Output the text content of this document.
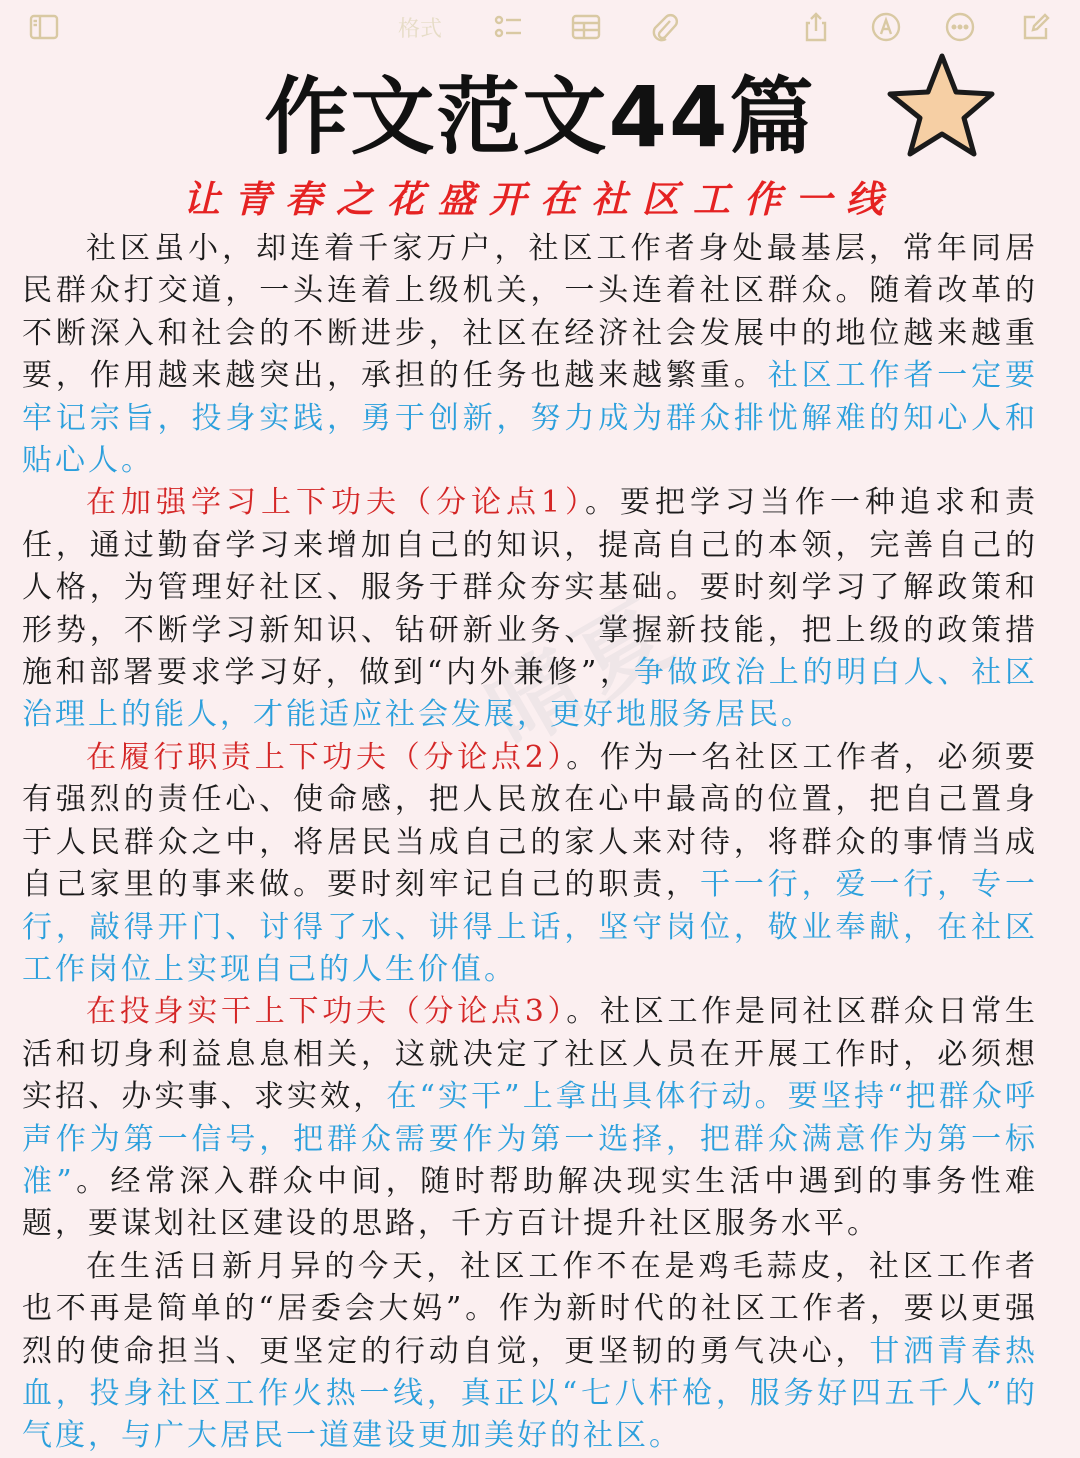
格式
作文范文44篇
让青春之花盛开在社区工作一线
晴夏

社区虽小，却连着千家万户，社区工作者身处最基层，常年同居民群众打交道，一头连着上级机关，一头连着社区群众。随着改革的不断深入和社会的不断进步，社区在经济社会发展中的地位越来越重要，作用越来越突出，承担的任务也越来越繁重。社区工作者一定要牢记宗旨，投身实践，勇于创新，努力成为群众排忧解难的知心人和贴心人。

在加强学习上下功夫（分论点1）。要把学习当作一种追求和责任，通过勤奋学习来增加自己的知识，提高自己的本领，完善自己的人格，为管理好社区、服务于群众夯实基础。要时刻学习了解政策和形势，不断学习新知识、钻研新业务、掌握新技能，把上级的政策措施和部署要求学习好，做到“内外兼修”，争做政治上的明白人、社区治理上的能人，才能适应社会发展，更好地服务居民。

在履行职责上下功夫（分论点2）。作为一名社区工作者，必须要有强烈的责任心、使命感，把人民放在心中最高的位置，把自己置身于人民群众之中，将居民当成自己的家人来对待，将群众的事情当成自己家里的事来做。要时刻牢记自己的职责，干一行，爱一行，专一行，敲得开门、讨得了水、讲得上话，坚守岗位，敬业奉献，在社区工作岗位上实现自己的人生价值。

在投身实干上下功夫（分论点3）。社区工作是同社区群众日常生活和切身利益息息相关，这就决定了社区人员在开展工作时，必须想实招、办实事、求实效，在“实干”上拿出具体行动。要坚持“把群众呼声作为第一信号，把群众需要作为第一选择，把群众满意作为第一标准”。经常深入群众中间，随时帮助解决现实生活中遇到的事务性难题，要谋划社区建设的思路，千方百计提升社区服务水平。

在生活日新月异的今天，社区工作不在是鸡毛蒜皮，社区工作者也不再是简单的“居委会大妈”。作为新时代的社区工作者，要以更强烈的使命担当、更坚定的行动自觉，更坚韧的勇气决心，甘洒青春热血，投身社区工作火热一线，真正以“七八杆枪，服务好四五千人”的气度，与广大居民一道建设更加美好的社区。
